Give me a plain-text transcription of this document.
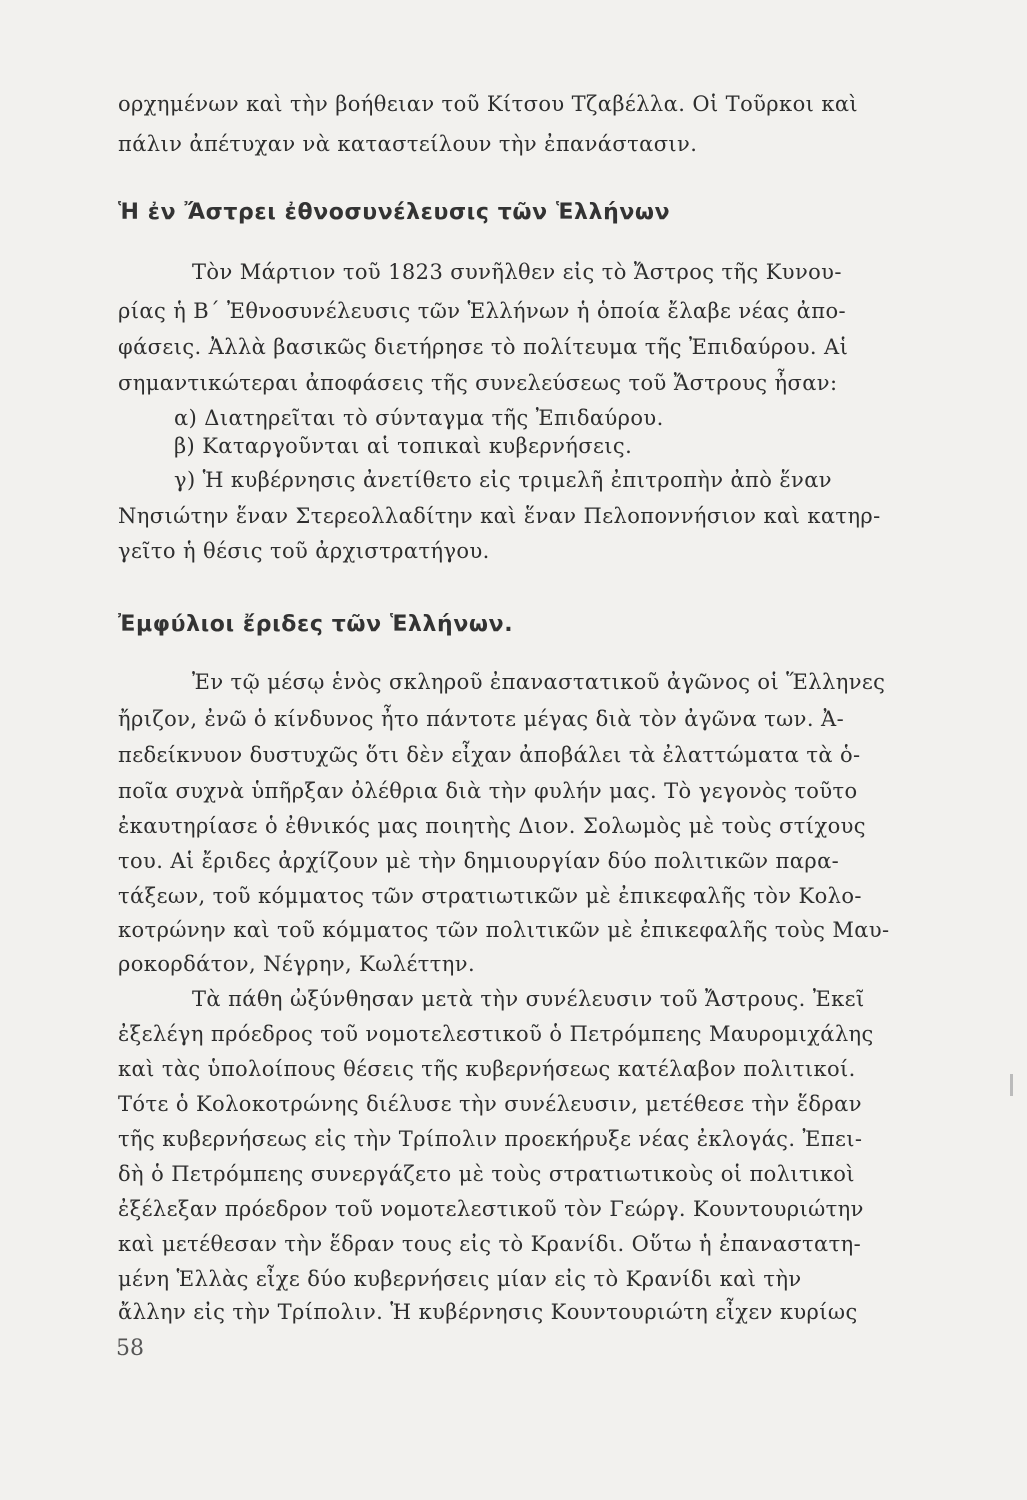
ορχημένων καὶ τὴν βοήθειαν τοῦ Κίτσου Τζαβέλλα. Οἱ Τοῦρκοι καὶ
πάλιν ἀπέτυχαν νὰ καταστείλουν τὴν ἐπανάστασιν.
Ἡ ἐν Ἄστρει ἐθνοσυνέλευσις τῶν Ἑλλήνων
Τὸν Μάρτιον τοῦ 1823 συνῆλθεν εἰς τὸ Ἄστρος τῆς Κυνου-
ρίας ἡ Β΄ Ἐθνοσυνέλευσις τῶν Ἑλλήνων ἡ ὁποία ἔλαβε νέας ἀπο-
φάσεις. Ἀλλὰ βασικῶς διετήρησε τὸ πολίτευμα τῆς Ἐπιδαύρου. Αἱ
σημαντικώτεραι ἀποφάσεις τῆς συνελεύσεως τοῦ Ἄστρους ἦσαν:
α) Διατηρεῖται τὸ σύνταγμα τῆς Ἐπιδαύρου.
β) Καταργοῦνται αἱ τοπικαὶ κυβερνήσεις.
γ) Ἡ κυβέρνησις ἀνετίθετο εἰς τριμελῆ ἐπιτροπὴν ἀπὸ ἕναν
Νησιώτην ἕναν Στερεολλαδίτην καὶ ἕναν Πελοποννήσιον καὶ κατηρ-
γεῖτο ἡ θέσις τοῦ ἀρχιστρατήγου.
Ἐμφύλιοι ἔριδες τῶν Ἑλλήνων.
Ἐν τῷ μέσῳ ἑνὸς σκληροῦ ἐπαναστατικοῦ ἀγῶνος οἱ Ἕλληνες
ἤριζον, ἐνῶ ὁ κίνδυνος ἦτο πάντοτε μέγας διὰ τὸν ἀγῶνα των. Ἀ-
πεδείκνυον δυστυχῶς ὅτι δὲν εἶχαν ἀποβάλει τὰ ἐλαττώματα τὰ ὁ-
ποῖα συχνὰ ὑπῆρξαν ὀλέθρια διὰ τὴν φυλήν μας. Τὸ γεγονὸς τοῦτο
ἐκαυτηρίασε ὁ ἐθνικός μας ποιητὴς Διον. Σολωμὸς μὲ τοὺς στίχους
του. Αἱ ἔριδες ἀρχίζουν μὲ τὴν δημιουργίαν δύο πολιτικῶν παρα-
τάξεων, τοῦ κόμματος τῶν στρατιωτικῶν μὲ ἐπικεφαλῆς τὸν Κολο-
κοτρώνην καὶ τοῦ κόμματος τῶν πολιτικῶν μὲ ἐπικεφαλῆς τοὺς Μαυ-
ροκορδάτον, Νέγρην, Κωλέττην.
Τὰ πάθη ὠξύνθησαν μετὰ τὴν συνέλευσιν τοῦ Ἄστρους. Ἐκεῖ
ἐξελέγη πρόεδρος τοῦ νομοτελεστικοῦ ὁ Πετρόμπεης Μαυρομιχάλης
καὶ τὰς ὑπολοίπους θέσεις τῆς κυβερνήσεως κατέλαβον πολιτικοί.
Τότε ὁ Κολοκοτρώνης διέλυσε τὴν συνέλευσιν, μετέθεσε τὴν ἕδραν
τῆς κυβερνήσεως εἰς τὴν Τρίπολιν προεκήρυξε νέας ἐκλογάς. Ἐπει-
δὴ ὁ Πετρόμπεης συνεργάζετο μὲ τοὺς στρατιωτικοὺς οἱ πολιτικοὶ
ἐξέλεξαν πρόεδρον τοῦ νομοτελεστικοῦ τὸν Γεώργ. Κουντουριώτην
καὶ μετέθεσαν τὴν ἕδραν τους εἰς τὸ Κρανίδι. Οὕτω ἡ ἐπαναστατη-
μένη Ἑλλὰς εἶχε δύο κυβερνήσεις μίαν εἰς τὸ Κρανίδι καὶ τὴν
ἄλλην εἰς τὴν Τρίπολιν. Ἡ κυβέρνησις Κουντουριώτη εἶχεν κυρίως
58
